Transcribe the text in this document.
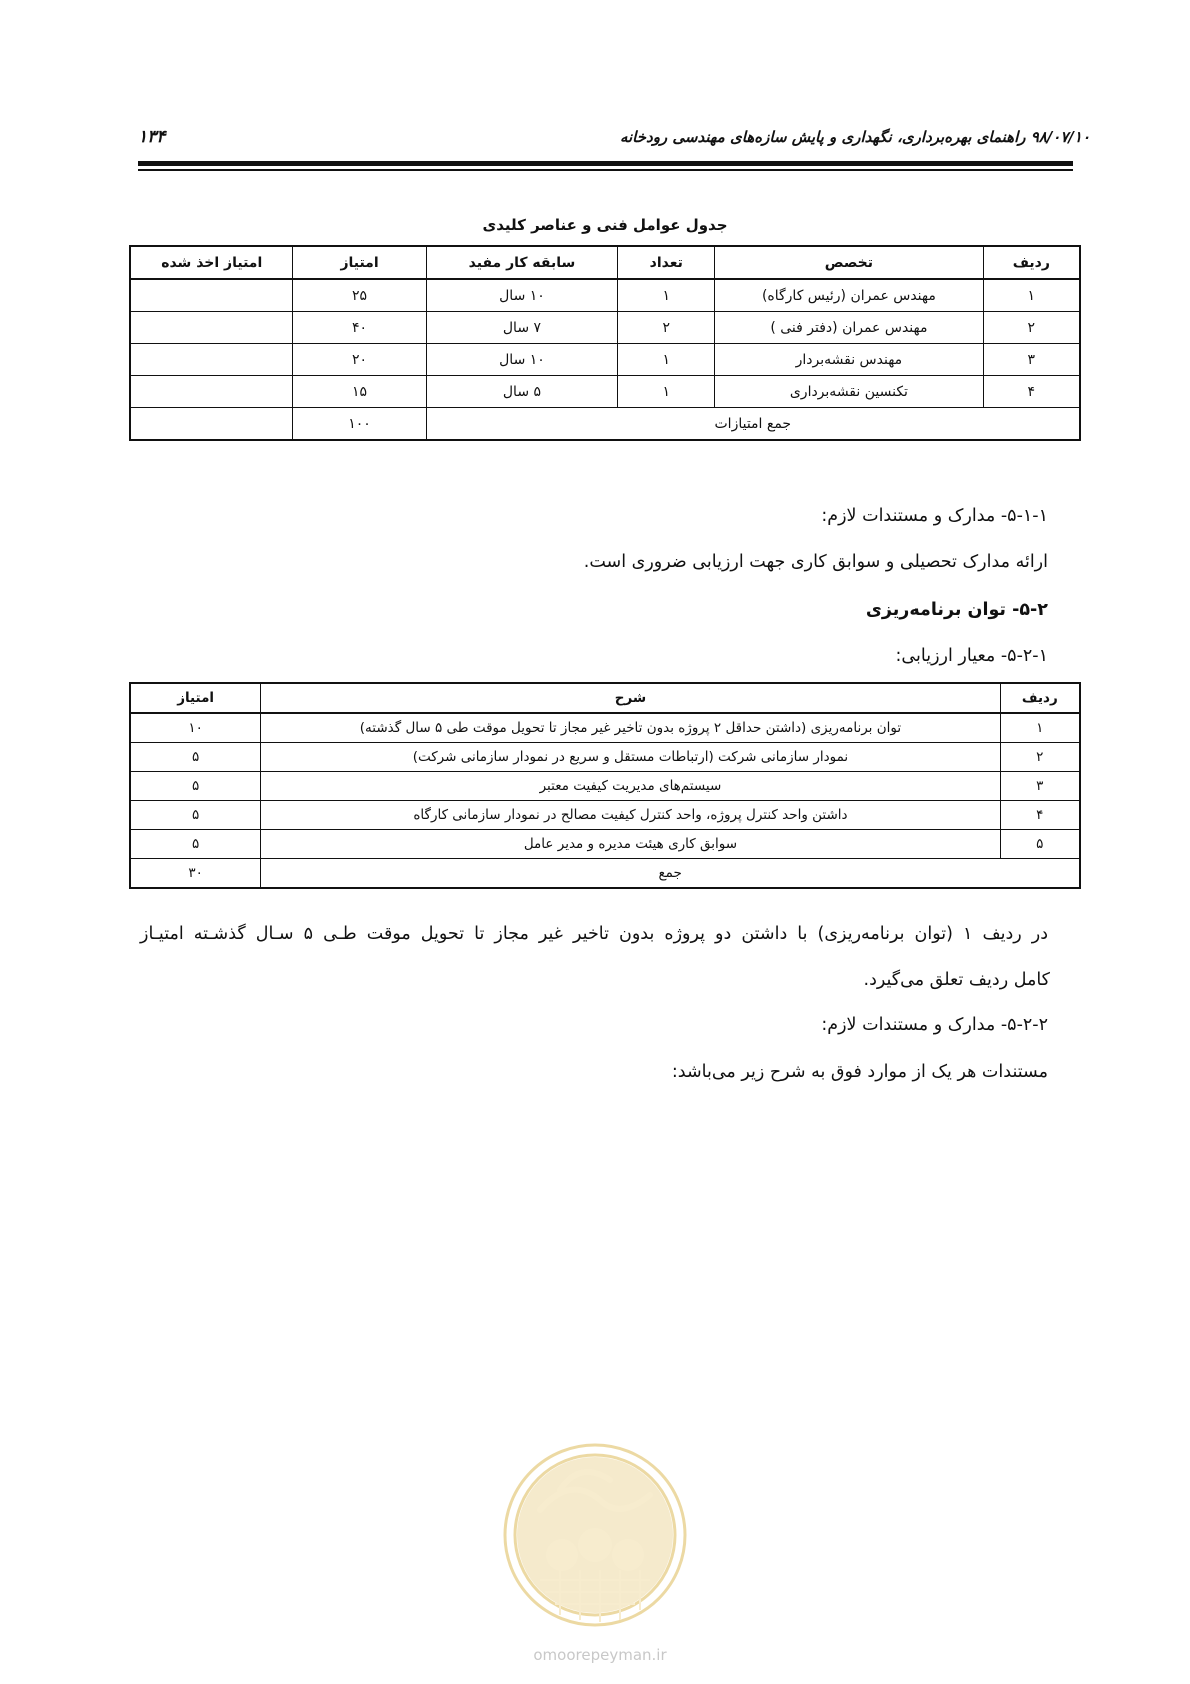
۱۳۴	۹۸/۰۷/۱۰ راهنمای بهره‌برداری، نگهداری و پایش سازه‌های مهندسی رودخانه
جدول عوامل فنی و عناصر کلیدی
ردیف	تخصص	تعداد	سابقه کار مفید	امتیاز	امتیاز اخذ شده
۱	مهندس عمران (رئیس کارگاه)	۱	۱۰ سال	۲۵	
۲	مهندس عمران (دفتر فنی )	۲	۷ سال	۴۰	
۳	مهندس نقشه‌بردار	۱	۱۰ سال	۲۰	
۴	تکنسین نقشه‌برداری	۱	۵ سال	۱۵	
جمع امتیازات				۱۰۰	
۵-۱-۱- مدارک و مستندات لازم:
ارائه مدارک تحصیلی و سوابق کاری جهت ارزیابی ضروری است.
۵-۲- توان برنامه‌ریزی
۵-۲-۱- معیار ارزیابی:
ردیف	شرح	امتیاز
۱	توان برنامه‌ریزی (داشتن حداقل ۲ پروژه بدون تاخیر غیر مجاز تا تحویل موقت طی ۵ سال گذشته)	۱۰
۲	نمودار سازمانی شرکت (ارتباطات مستقل و سریع در نمودار سازمانی شرکت)	۵
۳	سیستم‌های مدیریت کیفیت معتبر	۵
۴	داشتن واحد کنترل پروژه، واحد کنترل کیفیت مصالح در نمودار سازمانی کارگاه	۵
۵	سوابق کاری هیئت مدیره و مدیر عامل	۵
جمع		۳۰
در ردیف ۱ (توان برنامه‌ریزی) با داشتن دو پروژه بدون تاخیر غیر مجاز تا تحویل موقت طـی ۵ سـال گذشـته امتیـاز
کامل ردیف تعلق می‌گیرد.
۵-۲-۲- مدارک و مستندات لازم:
مستندات هر یک از موارد فوق به شرح زیر می‌باشد:
omoorepeyman.ir
